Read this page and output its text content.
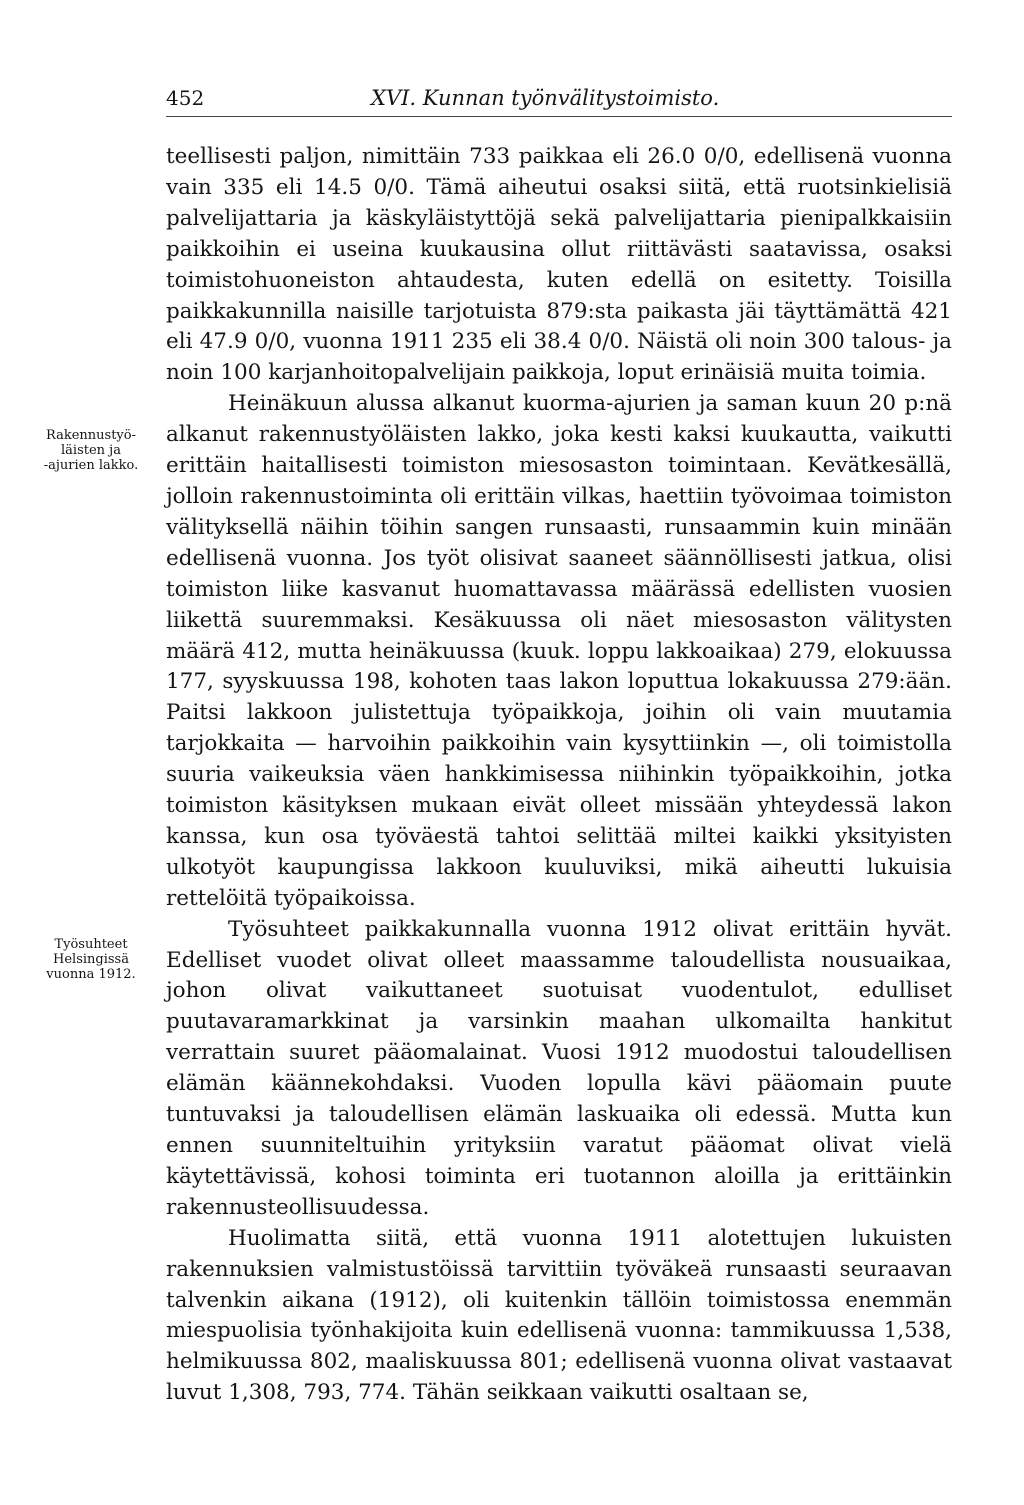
452	XVI. Kunnan työnvälitystoimisto.
Rakennustyö-
läisten ja
-ajurien lakko.
Työsuhteet
Helsingissä
vuonna 1912.

teellisesti paljon, nimittäin 733 paikkaa eli 26.0 0/0, edellisenä vuonna vain 335 eli 14.5 0/0. Tämä aiheutui osaksi siitä, että ruotsinkielisiä palvelijattaria ja käskyläistyttöjä sekä palvelijattaria pienipalkkaisiin paikkoihin ei useina kuukausina ollut riittävästi saatavissa, osaksi toimistohuoneiston ahtaudesta, kuten edellä on esitetty. Toisilla paikkakunnilla naisille tarjotuista 879:sta paikasta jäi täyttämättä 421 eli 47.9 0/0, vuonna 1911 235 eli 38.4 0/0. Näistä oli noin 300 talous- ja noin 100 karjanhoitopalvelijain paikkoja, loput erinäisiä muita toimia.

Heinäkuun alussa alkanut kuorma-ajurien ja saman kuun 20 p:nä alkanut rakennustyöläisten lakko, joka kesti kaksi kuukautta, vaikutti erittäin haitallisesti toimiston miesosaston toimintaan. Kevätkesällä, jolloin rakennustoiminta oli erittäin vilkas, haettiin työvoimaa toimiston välityksellä näihin töihin sangen runsaasti, runsaammin kuin minään edellisenä vuonna. Jos työt olisivat saaneet säännöllisesti jatkua, olisi toimiston liike kasvanut huomattavassa määrässä edellisten vuosien liikettä suuremmaksi. Kesäkuussa oli näet miesosaston välitysten määrä 412, mutta heinäkuussa (kuuk. loppu lakkoaikaa) 279, elokuussa 177, syyskuussa 198, kohoten taas lakon loputtua lokakuussa 279:ään. Paitsi lakkoon julistettuja työpaikkoja, joihin oli vain muutamia tarjokkaita — harvoihin paikkoihin vain kysyttiinkin —, oli toimistolla suuria vaikeuksia väen hankkimisessa niihinkin työpaikkoihin, jotka toimiston käsityksen mukaan eivät olleet missään yhteydessä lakon kanssa, kun osa työväestä tahtoi selittää miltei kaikki yksityisten ulkotyöt kaupungissa lakkoon kuuluviksi, mikä aiheutti lukuisia rettelöitä työpaikoissa.

Työsuhteet paikkakunnalla vuonna 1912 olivat erittäin hyvät. Edelliset vuodet olivat olleet maassamme taloudellista nousuaikaa, johon olivat vaikuttaneet suotuisat vuodentulot, edulliset puutavaramarkkinat ja varsinkin maahan ulkomailta hankitut verrattain suuret pääomalainat. Vuosi 1912 muodostui taloudellisen elämän käännekohdaksi. Vuoden lopulla kävi pääomain puute tuntuvaksi ja taloudellisen elämän laskuaika oli edessä. Mutta kun ennen suunniteltuihin yrityksiin varatut pääomat olivat vielä käytettävissä, kohosi toiminta eri tuotannon aloilla ja erittäinkin rakennusteollisuudessa.

Huolimatta siitä, että vuonna 1911 alotettujen lukuisten rakennuksien valmistustöissä tarvittiin työväkeä runsaasti seuraavan talvenkin aikana (1912), oli kuitenkin tällöin toimistossa enemmän miespuolisia työnhakijoita kuin edellisenä vuonna: tammikuussa 1,538, helmikuussa 802, maaliskuussa 801; edellisenä vuonna olivat vastaavat luvut 1,308, 793, 774. Tähän seikkaan vaikutti osaltaan se,
